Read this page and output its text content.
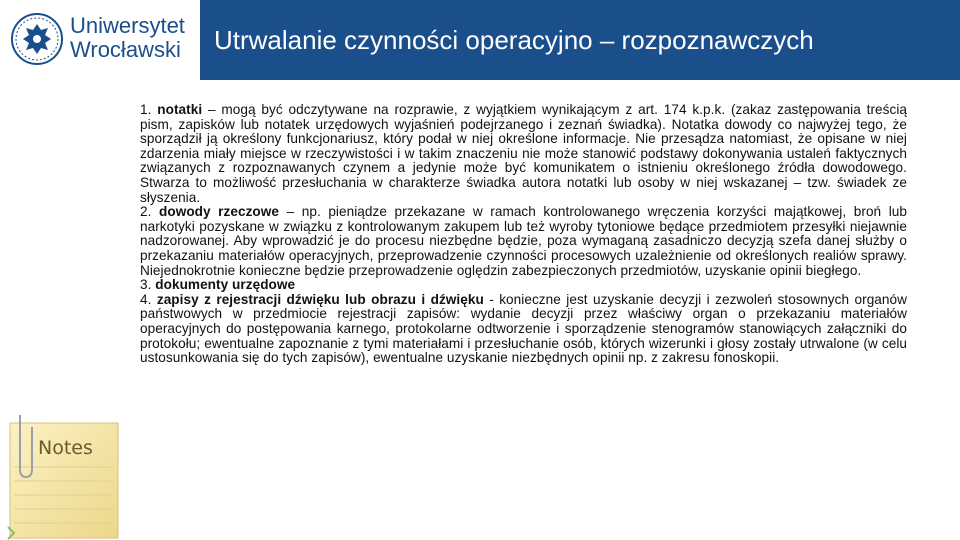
Uniwersytet
Wrocławski Utrwalanie czynności operacyjno – rozpoznawczych

1. notatki – mogą być odczytywane na rozprawie, z wyjątkiem wynikającym z art. 174 k.p.k. (zakaz zastępowania treścią pism, zapisków lub notatek urzędowych wyjaśnień podejrzanego i zeznań świadka). Notatka dowody co najwyżej tego, że sporządził ją określony funkcjonariusz, który podał w niej określone informacje. Nie przesądza natomiast, że opisane w niej zdarzenia miały miejsce w rzeczywistości i w takim znaczeniu nie może stanowić podstawy dokonywania ustaleń faktycznych związanych z rozpoznawanych czynem a jedynie może być komunikatem o istnieniu określonego źródła dowodowego. Stwarza to możliwość przesłuchania w charakterze świadka autora notatki lub osoby w niej wskazanej – tzw. świadek ze słyszenia.

2. dowody rzeczowe – np. pieniądze przekazane w ramach kontrolowanego wręczenia korzyści majątkowej, broń lub narkotyki pozyskane w związku z kontrolowanym zakupem lub też wyroby tytoniowe będące przedmiotem przesyłki niejawnie nadzorowanej. Aby wprowadzić je do procesu niezbędne będzie, poza wymaganą zasadniczo decyzją szefa danej służby o przekazaniu materiałów operacyjnych, przeprowadzenie czynności procesowych uzależnienie od określonych realiów sprawy. Niejednokrotnie konieczne będzie przeprowadzenie oględzin zabezpieczonych przedmiotów, uzyskanie opinii biegłego.

3. dokumenty urzędowe

4. zapisy z rejestracji dźwięku lub obrazu i dźwięku - konieczne jest uzyskanie decyzji i zezwoleń stosownych organów państwowych w przedmiocie rejestracji zapisów: wydanie decyzji przez właściwy organ o przekazaniu materiałów operacyjnych do postępowania karnego, protokolarne odtworzenie i sporządzenie stenogramów stanowiących załączniki do protokołu; ewentualne zapoznanie z tymi materiałami i przesłuchanie osób, których wizerunki i głosy zostały utrwalone (w celu ustosunkowania się do tych zapisów), ewentualne uzyskanie niezbędnych opinii np. z zakresu fonoskopii.

Notes
